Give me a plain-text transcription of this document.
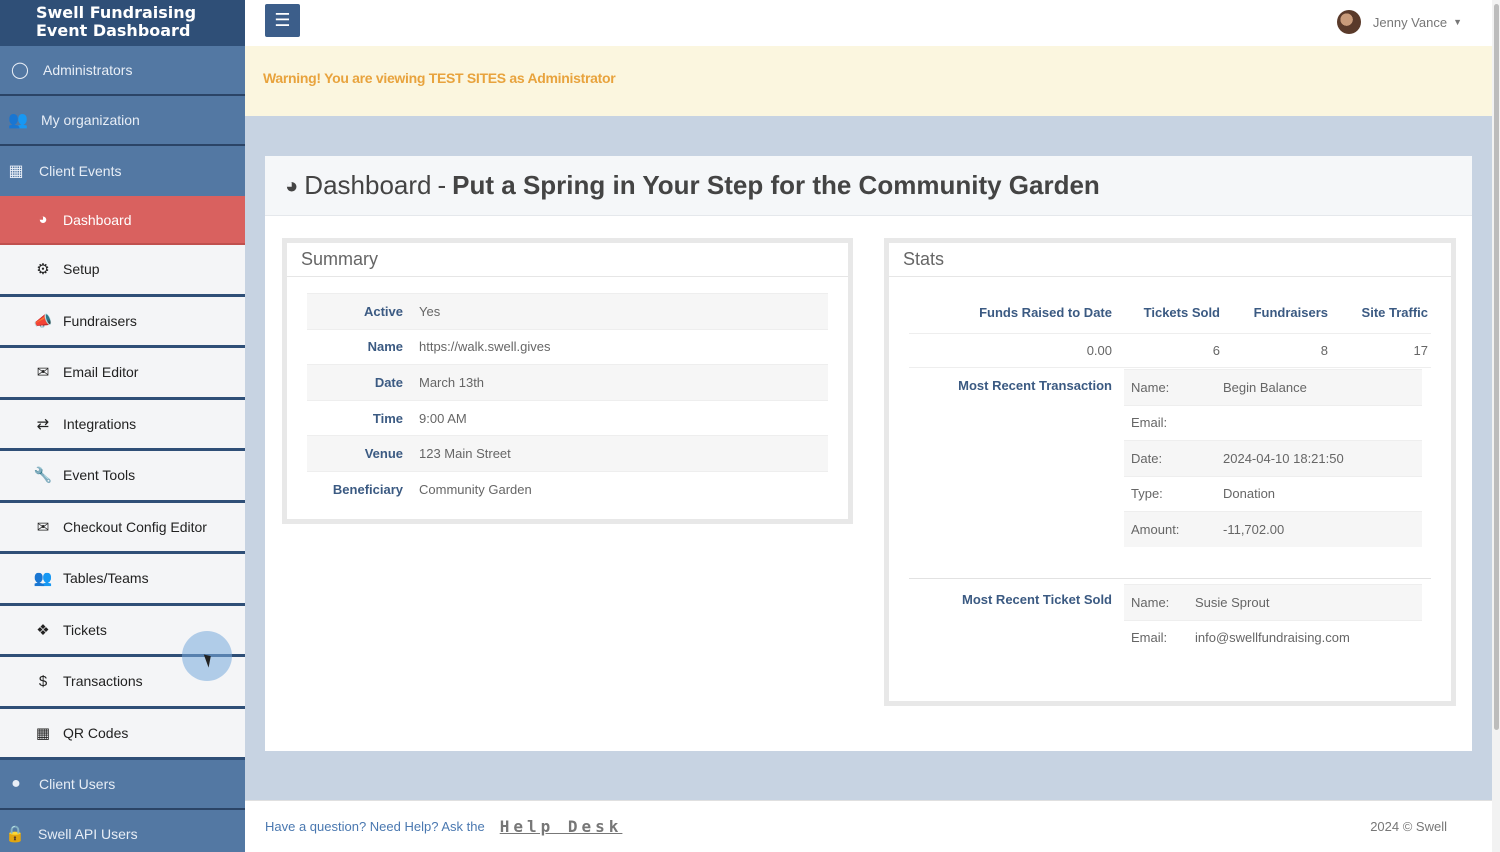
Swell Fundraising
Event Dashboard
◯ Administrators
👥 My organization
▦ Client Events
◕	Dashboard
⚙ Setup
📣 Fundraisers
✉ Email Editor
⇄ Integrations
🔧 Event Tools
✉ Checkout Config Editor
👥 Tables/Teams
❖ Tickets
$	Transactions
▦ QR Codes
●	Client Users
🔒 Swell API Users
☰	Jenny Vance ▼
Warning! You are viewing TEST SITES as Administrator
◕ Dashboard - Put a Spring in Your Step for the Community Garden
Summary
Active	Yes
Name	https://walk.swell.gives
Date	March 13th
Time	9:00 AM
Venue	123 Main Street
Beneficiary	Community Garden
Stats
Funds Raised to Date	Tickets Sold	Fundraisers	Site Traffic
0.00	6	8	17
Most Recent Transaction	Name:	Begin Balance
Email:
Date:	2024-04-10 18:21:50
Type:	Donation
Amount:	-11,702.00
Most Recent Ticket Sold	Name:	Susie Sprout
Email:	info@swellfundraising.com
Have a question? Need Help? Ask the Help Desk	2024 © Swell
